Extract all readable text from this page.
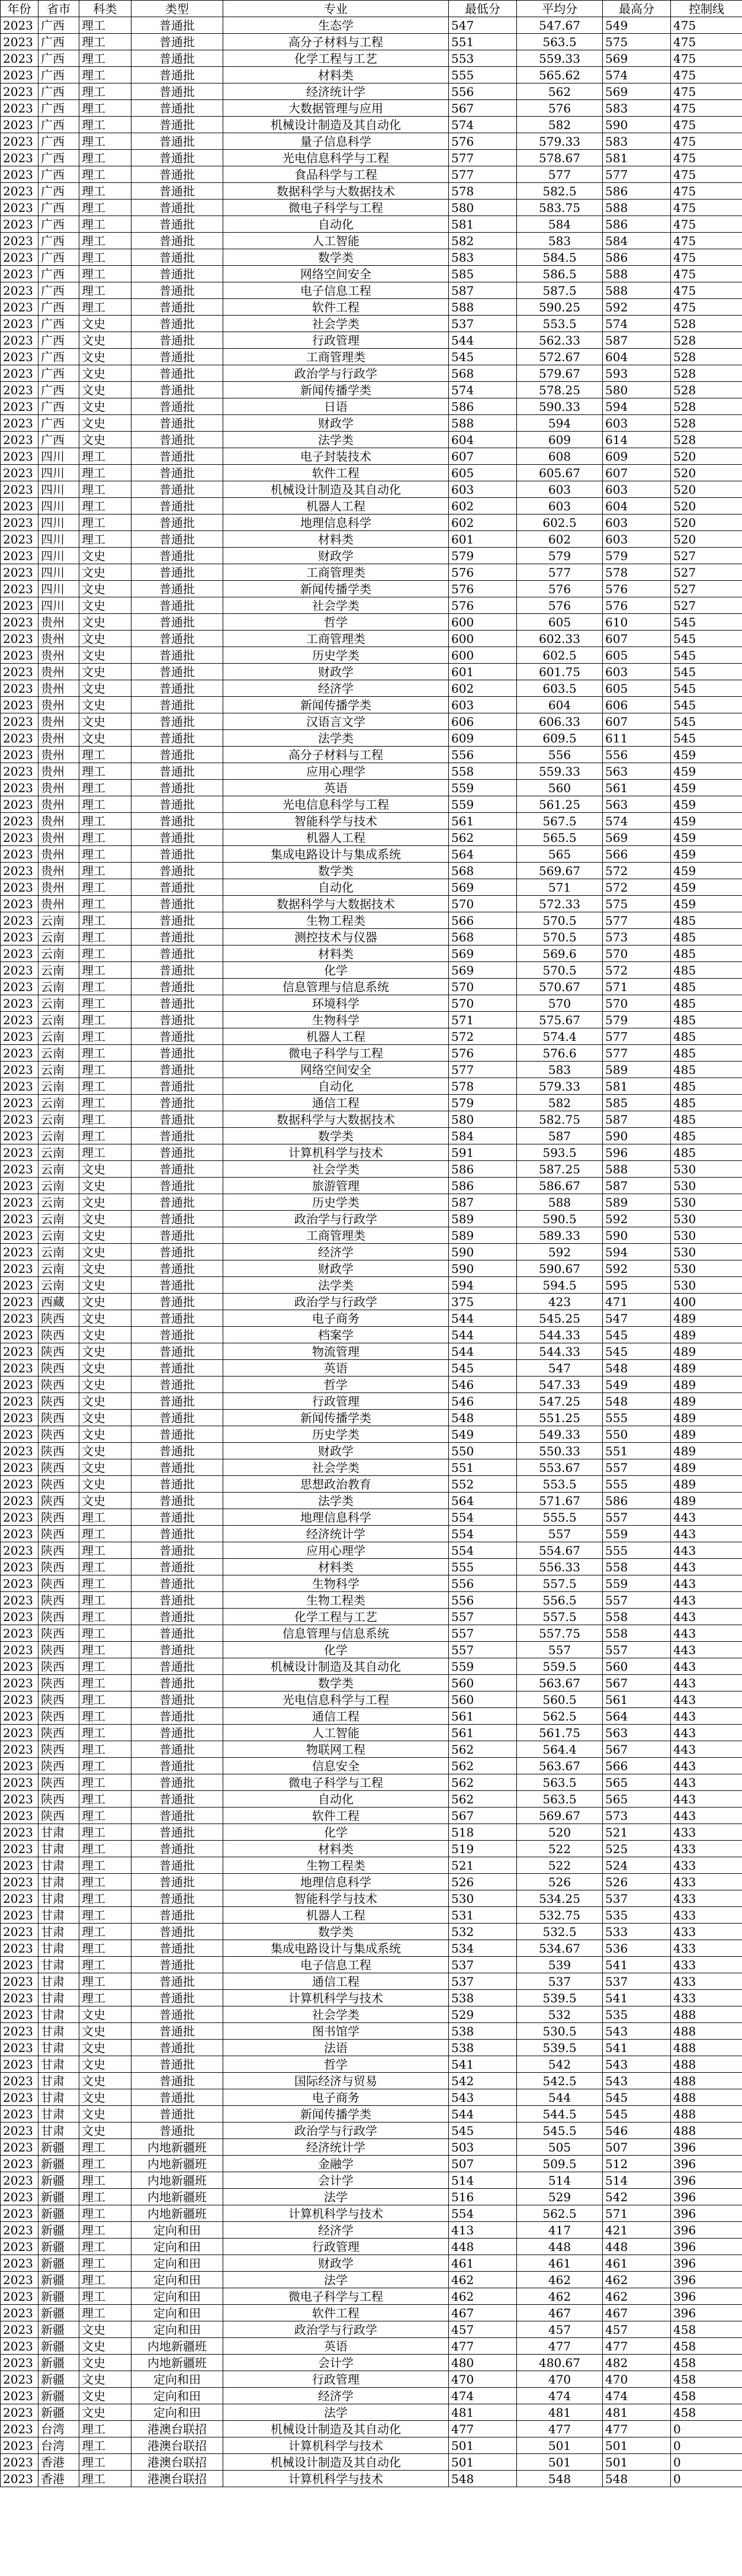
年份	省市	科类	类型	专业	最低分	平均分	最高分	控制线
2023	广西	理工	普通批	生态学	547	547.67	549	475
2023	广西	理工	普通批	高分子材料与工程	551	563.5	575	475
2023	广西	理工	普通批	化学工程与工艺	553	559.33	569	475
2023	广西	理工	普通批	材料类	555	565.62	574	475
2023	广西	理工	普通批	经济统计学	556	562	569	475
2023	广西	理工	普通批	大数据管理与应用	567	576	583	475
2023	广西	理工	普通批	机械设计制造及其自动化	574	582	590	475
2023	广西	理工	普通批	量子信息科学	576	579.33	583	475
2023	广西	理工	普通批	光电信息科学与工程	577	578.67	581	475
2023	广西	理工	普通批	食品科学与工程	577	577	577	475
2023	广西	理工	普通批	数据科学与大数据技术	578	582.5	586	475
2023	广西	理工	普通批	微电子科学与工程	580	583.75	588	475
2023	广西	理工	普通批	自动化	581	584	586	475
2023	广西	理工	普通批	人工智能	582	583	584	475
2023	广西	理工	普通批	数学类	583	584.5	586	475
2023	广西	理工	普通批	网络空间安全	585	586.5	588	475
2023	广西	理工	普通批	电子信息工程	587	587.5	588	475
2023	广西	理工	普通批	软件工程	588	590.25	592	475
2023	广西	文史	普通批	社会学类	537	553.5	574	528
2023	广西	文史	普通批	行政管理	544	562.33	587	528
2023	广西	文史	普通批	工商管理类	545	572.67	604	528
2023	广西	文史	普通批	政治学与行政学	568	579.67	593	528
2023	广西	文史	普通批	新闻传播学类	574	578.25	580	528
2023	广西	文史	普通批	日语	586	590.33	594	528
2023	广西	文史	普通批	财政学	588	594	603	528
2023	广西	文史	普通批	法学类	604	609	614	528
2023	四川	理工	普通批	电子封装技术	607	608	609	520
2023	四川	理工	普通批	软件工程	605	605.67	607	520
2023	四川	理工	普通批	机械设计制造及其自动化	603	603	603	520
2023	四川	理工	普通批	机器人工程	602	603	604	520
2023	四川	理工	普通批	地理信息科学	602	602.5	603	520
2023	四川	理工	普通批	材料类	601	602	603	520
2023	四川	文史	普通批	财政学	579	579	579	527
2023	四川	文史	普通批	工商管理类	576	577	578	527
2023	四川	文史	普通批	新闻传播学类	576	576	576	527
2023	四川	文史	普通批	社会学类	576	576	576	527
2023	贵州	文史	普通批	哲学	600	605	610	545
2023	贵州	文史	普通批	工商管理类	600	602.33	607	545
2023	贵州	文史	普通批	历史学类	600	602.5	605	545
2023	贵州	文史	普通批	财政学	601	601.75	603	545
2023	贵州	文史	普通批	经济学	602	603.5	605	545
2023	贵州	文史	普通批	新闻传播学类	603	604	606	545
2023	贵州	文史	普通批	汉语言文学	606	606.33	607	545
2023	贵州	文史	普通批	法学类	609	609.5	611	545
2023	贵州	理工	普通批	高分子材料与工程	556	556	556	459
2023	贵州	理工	普通批	应用心理学	558	559.33	563	459
2023	贵州	理工	普通批	英语	559	560	561	459
2023	贵州	理工	普通批	光电信息科学与工程	559	561.25	563	459
2023	贵州	理工	普通批	智能科学与技术	561	567.5	574	459
2023	贵州	理工	普通批	机器人工程	562	565.5	569	459
2023	贵州	理工	普通批	集成电路设计与集成系统	564	565	566	459
2023	贵州	理工	普通批	数学类	568	569.67	572	459
2023	贵州	理工	普通批	自动化	569	571	572	459
2023	贵州	理工	普通批	数据科学与大数据技术	570	572.33	575	459
2023	云南	理工	普通批	生物工程类	566	570.5	577	485
2023	云南	理工	普通批	测控技术与仪器	568	570.5	573	485
2023	云南	理工	普通批	材料类	569	569.6	570	485
2023	云南	理工	普通批	化学	569	570.5	572	485
2023	云南	理工	普通批	信息管理与信息系统	570	570.67	571	485
2023	云南	理工	普通批	环境科学	570	570	570	485
2023	云南	理工	普通批	生物科学	571	575.67	579	485
2023	云南	理工	普通批	机器人工程	572	574.4	577	485
2023	云南	理工	普通批	微电子科学与工程	576	576.6	577	485
2023	云南	理工	普通批	网络空间安全	577	583	589	485
2023	云南	理工	普通批	自动化	578	579.33	581	485
2023	云南	理工	普通批	通信工程	579	582	585	485
2023	云南	理工	普通批	数据科学与大数据技术	580	582.75	587	485
2023	云南	理工	普通批	数学类	584	587	590	485
2023	云南	理工	普通批	计算机科学与技术	591	593.5	596	485
2023	云南	文史	普通批	社会学类	586	587.25	588	530
2023	云南	文史	普通批	旅游管理	586	586.67	587	530
2023	云南	文史	普通批	历史学类	587	588	589	530
2023	云南	文史	普通批	政治学与行政学	589	590.5	592	530
2023	云南	文史	普通批	工商管理类	589	589.33	590	530
2023	云南	文史	普通批	经济学	590	592	594	530
2023	云南	文史	普通批	财政学	590	590.67	592	530
2023	云南	文史	普通批	法学类	594	594.5	595	530
2023	西藏	文史	普通批	政治学与行政学	375	423	471	400
2023	陕西	文史	普通批	电子商务	544	545.25	547	489
2023	陕西	文史	普通批	档案学	544	544.33	545	489
2023	陕西	文史	普通批	物流管理	544	544.33	545	489
2023	陕西	文史	普通批	英语	545	547	548	489
2023	陕西	文史	普通批	哲学	546	547.33	549	489
2023	陕西	文史	普通批	行政管理	546	547.25	548	489
2023	陕西	文史	普通批	新闻传播学类	548	551.25	555	489
2023	陕西	文史	普通批	历史学类	549	549.33	550	489
2023	陕西	文史	普通批	财政学	550	550.33	551	489
2023	陕西	文史	普通批	社会学类	551	553.67	557	489
2023	陕西	文史	普通批	思想政治教育	552	553.5	555	489
2023	陕西	文史	普通批	法学类	564	571.67	586	489
2023	陕西	理工	普通批	地理信息科学	554	555.5	557	443
2023	陕西	理工	普通批	经济统计学	554	557	559	443
2023	陕西	理工	普通批	应用心理学	554	554.67	555	443
2023	陕西	理工	普通批	材料类	555	556.33	558	443
2023	陕西	理工	普通批	生物科学	556	557.5	559	443
2023	陕西	理工	普通批	生物工程类	556	556.5	557	443
2023	陕西	理工	普通批	化学工程与工艺	557	557.5	558	443
2023	陕西	理工	普通批	信息管理与信息系统	557	557.75	558	443
2023	陕西	理工	普通批	化学	557	557	557	443
2023	陕西	理工	普通批	机械设计制造及其自动化	559	559.5	560	443
2023	陕西	理工	普通批	数学类	560	563.67	567	443
2023	陕西	理工	普通批	光电信息科学与工程	560	560.5	561	443
2023	陕西	理工	普通批	通信工程	561	562.5	564	443
2023	陕西	理工	普通批	人工智能	561	561.75	563	443
2023	陕西	理工	普通批	物联网工程	562	564.4	567	443
2023	陕西	理工	普通批	信息安全	562	563.67	566	443
2023	陕西	理工	普通批	微电子科学与工程	562	563.5	565	443
2023	陕西	理工	普通批	自动化	562	563.5	565	443
2023	陕西	理工	普通批	软件工程	567	569.67	573	443
2023	甘肃	理工	普通批	化学	518	520	521	433
2023	甘肃	理工	普通批	材料类	519	522	525	433
2023	甘肃	理工	普通批	生物工程类	521	522	524	433
2023	甘肃	理工	普通批	地理信息科学	526	526	526	433
2023	甘肃	理工	普通批	智能科学与技术	530	534.25	537	433
2023	甘肃	理工	普通批	机器人工程	531	532.75	535	433
2023	甘肃	理工	普通批	数学类	532	532.5	533	433
2023	甘肃	理工	普通批	集成电路设计与集成系统	534	534.67	536	433
2023	甘肃	理工	普通批	电子信息工程	537	539	541	433
2023	甘肃	理工	普通批	通信工程	537	537	537	433
2023	甘肃	理工	普通批	计算机科学与技术	538	539.5	541	433
2023	甘肃	文史	普通批	社会学类	529	532	535	488
2023	甘肃	文史	普通批	图书馆学	538	530.5	543	488
2023	甘肃	文史	普通批	法语	538	539.5	541	488
2023	甘肃	文史	普通批	哲学	541	542	543	488
2023	甘肃	文史	普通批	国际经济与贸易	542	542.5	543	488
2023	甘肃	文史	普通批	电子商务	543	544	545	488
2023	甘肃	文史	普通批	新闻传播学类	544	544.5	545	488
2023	甘肃	文史	普通批	政治学与行政学	545	545.5	546	488
2023	新疆	理工	内地新疆班	经济统计学	503	505	507	396
2023	新疆	理工	内地新疆班	金融学	507	509.5	512	396
2023	新疆	理工	内地新疆班	会计学	514	514	514	396
2023	新疆	理工	内地新疆班	法学	516	529	542	396
2023	新疆	理工	内地新疆班	计算机科学与技术	554	562.5	571	396
2023	新疆	理工	定向和田	经济学	413	417	421	396
2023	新疆	理工	定向和田	行政管理	448	448	448	396
2023	新疆	理工	定向和田	财政学	461	461	461	396
2023	新疆	理工	定向和田	法学	462	462	462	396
2023	新疆	理工	定向和田	微电子科学与工程	462	462	462	396
2023	新疆	理工	定向和田	软件工程	467	467	467	396
2023	新疆	文史	定向和田	政治学与行政学	457	457	457	458
2023	新疆	文史	内地新疆班	英语	477	477	477	458
2023	新疆	文史	内地新疆班	会计学	480	480.67	482	458
2023	新疆	文史	定向和田	行政管理	470	470	470	458
2023	新疆	文史	定向和田	经济学	474	474	474	458
2023	新疆	文史	定向和田	法学	481	481	481	458
2023	台湾	理工	港澳台联招	机械设计制造及其自动化	477	477	477	0
2023	台湾	理工	港澳台联招	计算机科学与技术	501	501	501	0
2023	香港	理工	港澳台联招	机械设计制造及其自动化	501	501	501	0
2023	香港	理工	港澳台联招	计算机科学与技术	548	548	548	0
